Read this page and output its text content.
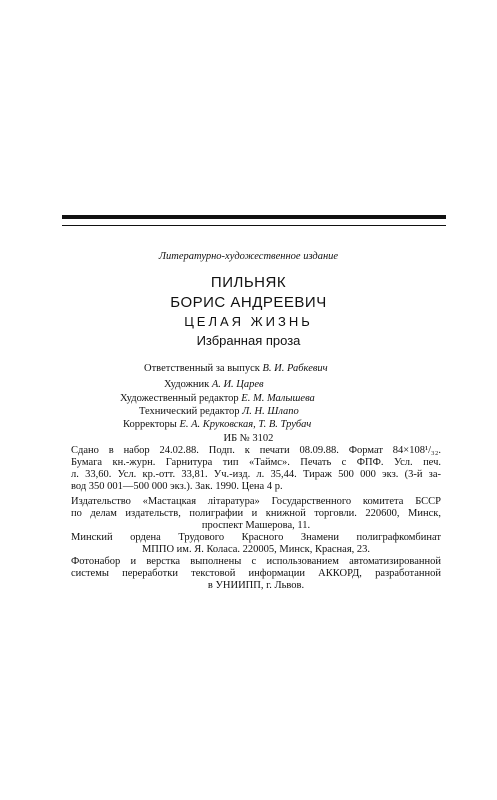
Литературно-художественное издание
ПИЛЬНЯК
БОРИС АНДРЕЕВИЧ
ЦЕЛАЯ ЖИЗНЬ
Избранная проза
Ответственный за выпуск В. И. Рабкевич
Художник А. И. Царев
Художественный редактор Е. М. Малышева
Технический редактор Л. Н. Шлапо
Корректоры Е. А. Круковская, Т. В. Трубач
ИБ № 3102
Сдано в набор 24.02.88. Подп. к печати 08.09.88. Формат 84×108¹/₃₂.
Бумага кн.-журн. Гарнитура тип «Таймс». Печать с ФПФ. Усл. печ.
л. 33,60. Усл. кр.-отт. 33,81. Уч.-изд. л. 35,44. Тираж 500 000 экз. (3-й за-
вод 350 001—500 000 экз.). Зак. 1990. Цена 4 р.
Издательство «Мастацкая лiтаратура» Государственного комитета БССР
по делам издательств, полиграфии и книжной торговли. 220600, Минск,
проспект Машерова, 11.
Минский ордена Трудового Красного Знамени полиграфкомбинат
МППО им. Я. Коласа. 220005, Минск, Красная, 23.
Фотонабор и верстка выполнены с использованием автоматизированной
системы переработки текстовой информации АККОРД, разработанной
в УНИИПП, г. Львов.
